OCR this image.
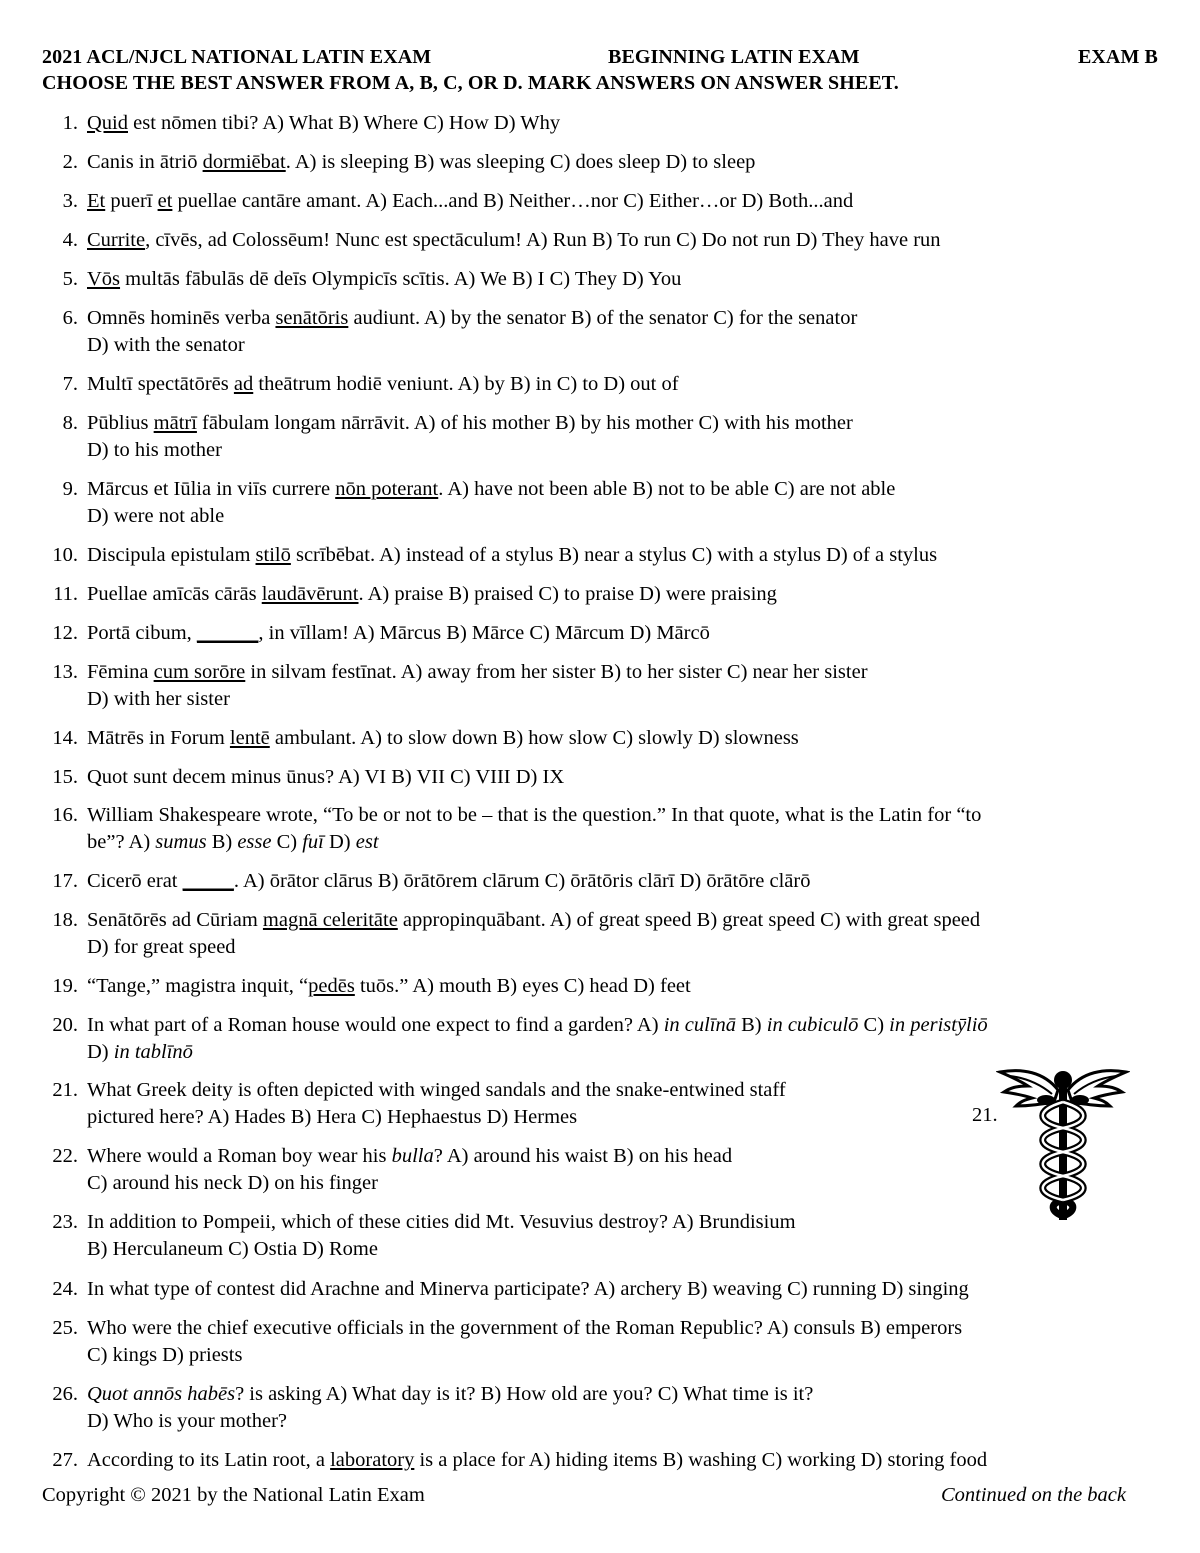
2021 ACL/NJCL NATIONAL LATIN EXAM	BEGINNING LATIN EXAM	EXAM B
CHOOSE THE BEST ANSWER FROM A, B, C, OR D. MARK ANSWERS ON ANSWER SHEET.
1. Quid est nōmen tibi? A) What B) Where C) How D) Why
2. Canis in ātriō dormiēbat. A) is sleeping B) was sleeping C) does sleep D) to sleep
3. Et puerī et puellae cantāre amant. A) Each...and B) Neither…nor C) Either…or D) Both...and
4. Currite, cīvēs, ad Colossēum! Nunc est spectāculum! A) Run B) To run C) Do not run D) They have run
5. Vōs multās fābulās dē deīs Olympicīs scītis. A) We B) I C) They D) You
6. Omnēs hominēs verba senātōris audiunt. A) by the senator B) of the senator C) for the senator
D) with the senator
7. Multī spectātōrēs ad theātrum hodiē veniunt. A) by B) in C) to D) out of
8. Pūblius mātrī fābulam longam nārrāvit. A) of his mother B) by his mother C) with his mother
D) to his mother
9. Mārcus et Iūlia in viīs currere nōn poterant. A) have not been able B) not to be able C) are not able
D) were not able
10. Discipula epistulam stilō scrībēbat. A) instead of a stylus B) near a stylus C) with a stylus D) of a stylus
11. Puellae amīcās cārās laudāvērunt. A) praise B) praised C) to praise D) were praising
12. Portā cibum, ______, in vīllam! A) Mārcus B) Mārce C) Mārcum D) Mārcō
13. Fēmina cum sorōre in silvam festīnat. A) away from her sister B) to her sister C) near her sister
D) with her sister
14. Mātrēs in Forum lentē ambulant. A) to slow down B) how slow C) slowly D) slowness
15. Quot sunt decem minus ūnus? A) VI B) VII C) VIII D) IX
16. William Shakespeare wrote, “To be or not to be – that is the question.” In that quote, what is the Latin for “to
be”? A) sumus B) esse C) fuī D) est
17. Cicerō erat _____. A) ōrātor clārus B) ōrātōrem clārum C) ōrātōris clārī D) ōrātōre clārō
18. Senātōrēs ad Cūriam magnā celeritāte appropinquābant. A) of great speed B) great speed C) with great speed
D) for great speed
19. “Tange,” magistra inquit, “pedēs tuōs.” A) mouth B) eyes C) head D) feet
20. In what part of a Roman house would one expect to find a garden? A) in culīnā B) in cubiculō C) in peristȳliō
D) in tablīnō
21. What Greek deity is often depicted with winged sandals and the snake-entwined staff
pictured here? A) Hades B) Hera C) Hephaestus D) Hermes
22. Where would a Roman boy wear his bulla? A) around his waist B) on his head
C) around his neck D) on his finger
23. In addition to Pompeii, which of these cities did Mt. Vesuvius destroy? A) Brundisium
B) Herculaneum C) Ostia D) Rome
24. In what type of contest did Arachne and Minerva participate? A) archery B) weaving C) running D) singing
25. Who were the chief executive officials in the government of the Roman Republic? A) consuls B) emperors
C) kings D) priests
26. Quot annōs habēs? is asking A) What day is it? B) How old are you? C) What time is it?
D) Who is your mother?
27. According to its Latin root, a laboratory is a place for A) hiding items B) washing C) working D) storing food
21.
Copyright © 2021 by the National Latin Exam	Continued on the back
